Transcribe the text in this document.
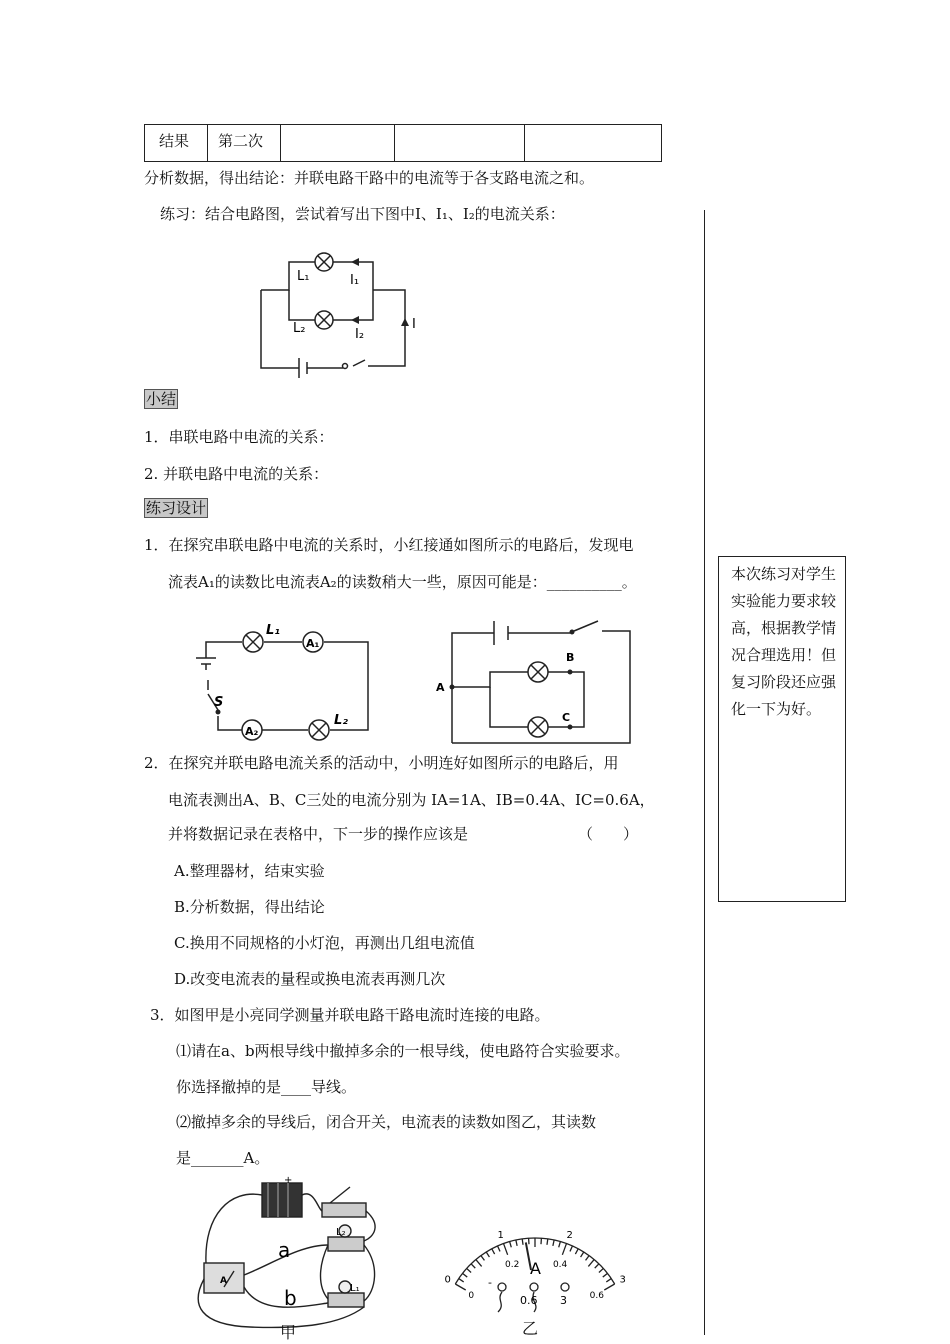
结果	第二次

分析数据，得出结论：并联电路干路中的电流等于各支路电流之和。
练习：结合电路图，尝试着写出下图中I、I₁、I₂的电流关系：
L₁	I₁
L₂	I₂
I
小结
1．串联电路中电流的关系：
2. 并联电路中电流的关系：
练习设计
1．在探究串联电路中电流的关系时，小红接通如图所示的电路后，发现电
流表A₁的读数比电流表A₂的读数稍大一些，原因可能是：__________。
L₁
A₁
S
A₂
L₂
A
B
C
2．在探究并联电路电流关系的活动中，小明连好如图所示的电路后，用
电流表测出A、B、C三处的电流分别为 IA=1A、IB=0.4A、IC=0.6A，
并将数据记录在表格中，下一步的操作应该是	（　　）
A.整理器材，结束实验
B.分析数据，得出结论
C.换用不同规格的小灯泡，再测出几组电流值
D.改变电流表的量程或换电流表再测几次
3．如图甲是小亮同学测量并联电路干路电流时连接的电路。
⑴请在a、b两根导线中撤掉多余的一根导线，使电路符合实验要求。
你选择撤掉的是____导线。
⑵撤掉多余的导线后，闭合开关，电流表的读数如图乙，其读数
是_______A。
+
A
L₂
L₁
a
b
甲
A
-
0.6 3
0
1	2
3
0
0.2	0.4
0.6
乙
本次练习对学生实验能力要求较高，根据教学情况合理选用！但复习阶段还应强化一下为好。
